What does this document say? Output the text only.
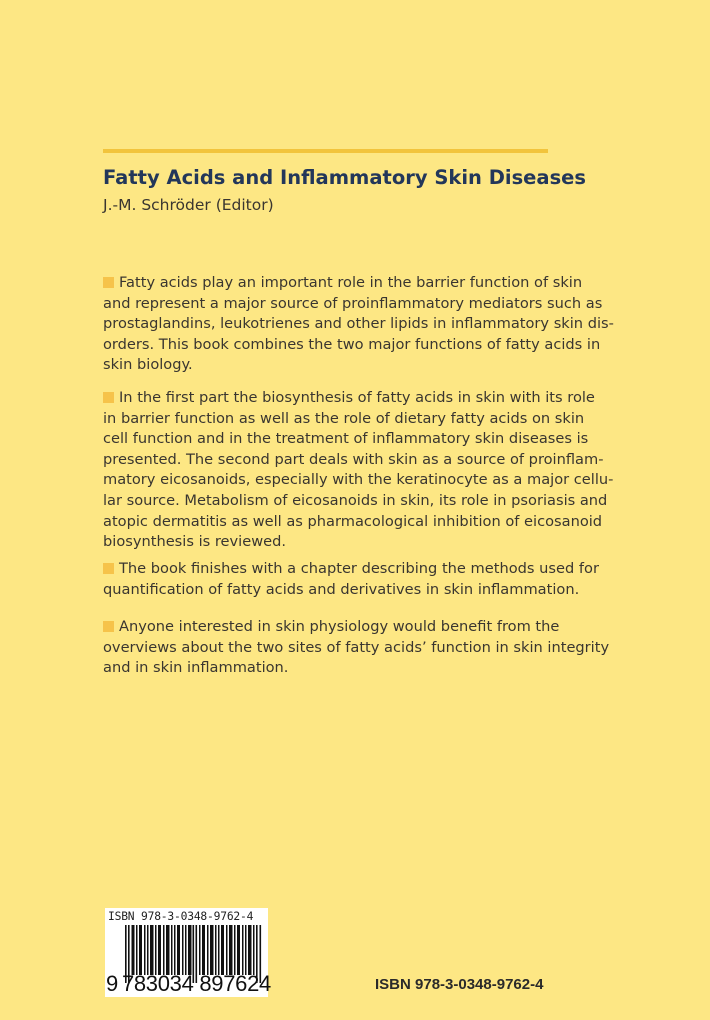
Fatty Acids and Inflammatory Skin Diseases
J.-M. Schröder (Editor)
Fatty acids play an important role in the barrier function of skin
and represent a major source of proinflammatory mediators such as
prostaglandins, leukotrienes and other lipids in inflammatory skin dis-
orders. This book combines the two major functions of fatty acids in
skin biology.
In the first part the biosynthesis of fatty acids in skin with its role
in barrier function as well as the role of dietary fatty acids on skin
cell function and in the treatment of inflammatory skin diseases is
presented. The second part deals with skin as a source of proinflam-
matory eicosanoids, especially with the keratinocyte as a major cellu-
lar source. Metabolism of eicosanoids in skin, its role in psoriasis and
atopic dermatitis as well as pharmacological inhibition of eicosanoid
biosynthesis is reviewed.
The book finishes with a chapter describing the methods used for
quantification of fatty acids and derivatives in skin inflammation.
Anyone interested in skin physiology would benefit from the
overviews about the two sites of fatty acids’ function in skin integrity
and in skin inflammation.
ISBN 978-3-0348-9762-4
9 783034 897624	ISBN 978-3-0348-9762-4
